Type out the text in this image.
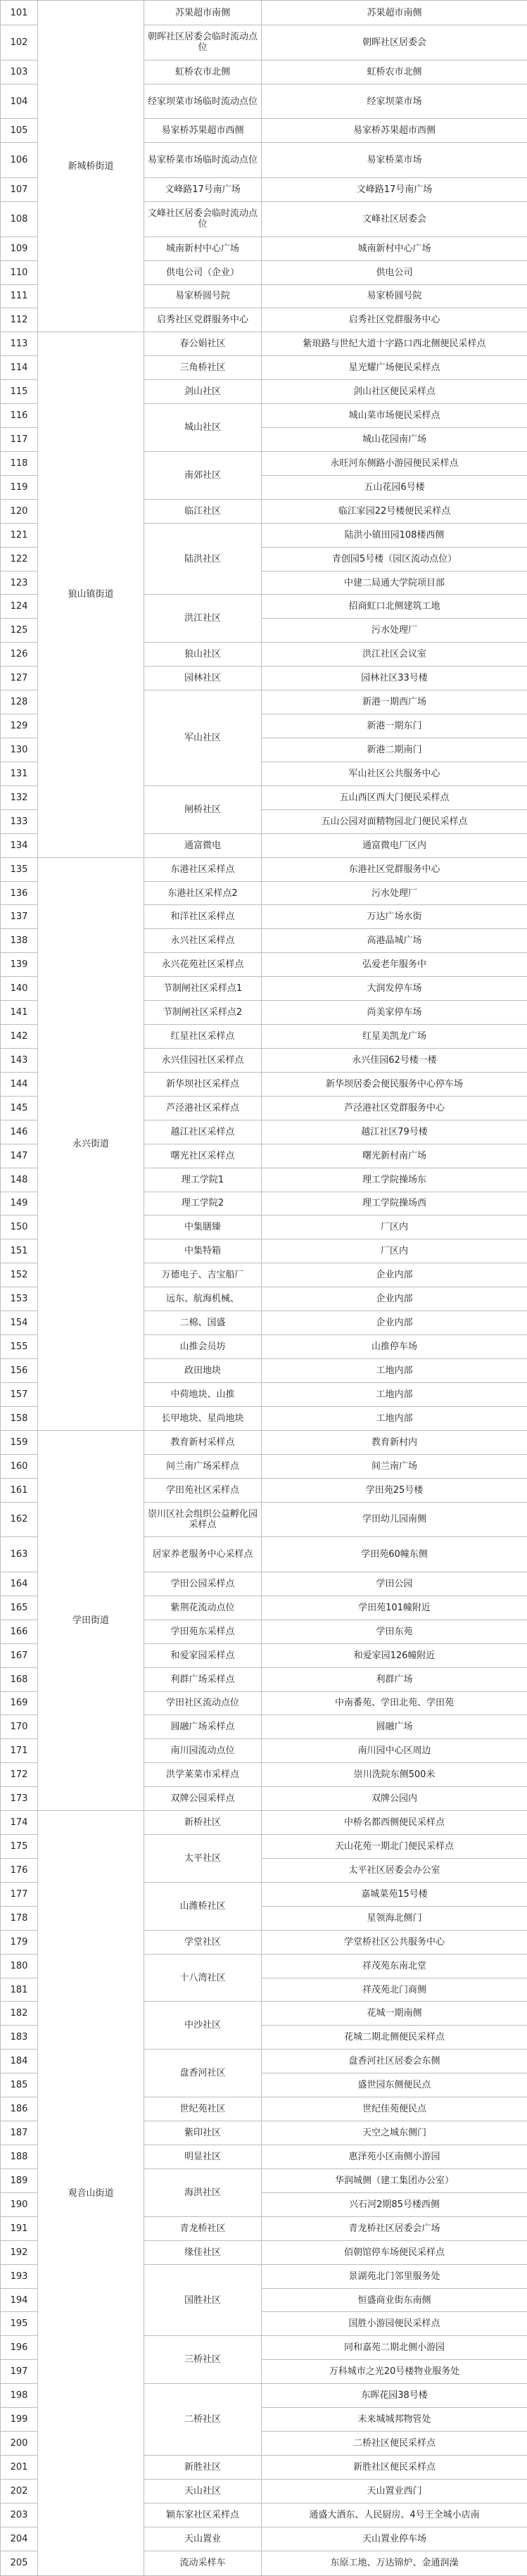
101	新城桥街道	苏果超市南侧	苏果超市南侧
102		朝晖社区居委会临时流动点位	朝晖社区居委会
103		虹桥农市北侧	虹桥农市北侧
104		经家坝菜市场临时流动点位	经家坝菜市场
105		易家桥苏果超市西侧	易家桥苏果超市西侧
106		易家桥菜市场临时流动点位	易家桥菜市场
107		文峰路17号南广场	文峰路17号南广场
108		文峰社区居委会临时流动点位	文峰社区居委会
109		城南新村中心广场	城南新村中心广场
110		供电公司（企业）	供电公司
111		易家桥圆号院	易家桥圆号院
112		启秀社区党群服务中心	启秀社区党群服务中心
113	狼山镇街道	春公娟社区	紫琅路与世纪大道十字路口西北侧便民采样点
114		三角桥社区	星光耀广场便民采样点
115		剑山社区	剑山社区便民采样点
116		城山社区	城山菜市场便民采样点
117			城山花园南广场
118		南郊社区	永旺河东侧路小游园便民采样点
119			五山花园6号楼
120		临江社区	临江家园22号楼便民采样点
121		陆洪社区	陆洪小镇田园108楼西侧
122			青创园5号楼（园区流动点位）
123			中建二局通大学院项目部
124		洪江社区	招商虹口北侧建筑工地
125			污水处理厂
126		狼山社区	洪江社区会议室
127		园林社区	园林社区33号楼
128		军山社区	新港一期西广场
129			新港一期东门
130			新港二期南门
131			军山社区公共服务中心
132		闸桥社区	五山西区西大门便民采样点
133			五山公园对面精物园北门便民采样点
134		通富微电	通富微电厂区内
135	永兴街道	东港社区采样点	东港社区党群服务中心
136		东港社区采样点2	污水处理厂
137		和洋社区采样点	万达广场水街
138		永兴社区采样点	高港晶城广场
139		永兴花苑社区采样点	弘爱老年服务中
140		节制闸社区采样点1	大润发停车场
141		节制闸社区采样点2	尚美家停车场
142		红星社区采样点	红星美凯龙广场
143		永兴佳园社区采样点	永兴佳园62号楼一楼
144		新华坝社区采样点	新华坝居委会便民服务中心停车场
145		芦泾港社区采样点	芦泾港社区党群服务中心
146		越江社区采样点	越江社区79号楼
147		曙光社区采样点	曙光新村南广场
148		理工学院1	理工学院操场东
149		理工学院2	理工学院操场西
150		中集膳臻	厂区内
151		中集特箱	厂区内
152		万德电子、吉宝船厂	企业内部
153		远东、航海机械、	企业内部
154		二棉、国盛	企业内部
155		山推会员坊	山推停车场
156		政田地块	工地内部
157		中荷地块、山推	工地内部
158		长甲地块、星尚地块	工地内部
159	学田街道	教育新村采样点	教育新村内
160		间兰南广场采样点	间兰南广场
161		学田苑社区采样点	学田苑25号楼
162		崇川区社会组织公益孵化园采样点	学田幼儿园南侧
163		居家养老服务中心采样点	学田苑60幢东侧
164		学田公园采样点	学田公园
165		紫荆花流动点位	学田苑101幢附近
166		学田苑东采样点	学田东苑
167		和爱家园采样点	和爱家园126幢附近
168		利群广场采样点	利群广场
169		学田社区流动点位	中南番苑、学田北苑、学田苑
170		圆融广场采样点	圆融广场
171		南川园流动点位	南川园中心区周边
172		洪学莱菜市采样点	崇川洗院东侧500米
173		双牌公园采样点	双牌公园内
174	观音山街道	新桥社区	中桥名都西侧便民采样点
175		太平社区	天山花苑一期北门便民采样点
176			太平社区居委会办公室
177		山潍桥社区	嘉城菜苑15号楼
178			星领海北侧门
179		学堂社区	学堂桥社区公共服务中心
180		十八湾社区	祥茂苑东南北堂
181			祥茂苑北门商侧
182		中沙社区	花城一期南侧
183			花城二期北侧便民采样点
184		盘香河社区	盘香河社区居委会东侧
185			盛世园东侧便民点
186		世纪苑社区	世纪佳苑便民点
187		紫印社区	天空之城东侧门
188		明显社区	惠泽苑小区南侧小游园
189		海洪社区	华润城侧（建工集团办公室）
190			兴石河2期85号楼西侧
191		青龙桥社区	青龙桥社区居委会广场
192		缘佳社区	佰朝馆停车场便民采样点
193		国胜社区	景湖苑北门邻里服务处
194			恒盛商业街东南侧
195			国胜小游园便民采样点
196		三桥社区	同和嘉苑二期北侧小游园
197			万科城市之光20号楼物业服务处
198		二桥社区	东晖花园38号楼
199			未来城城邦物管处
200			二桥社区便民采样点
201		新胜社区	新胜社区便民采样点
202		天山社区	天山置业西门
203		颖东家社区采样点	通盛大酒东、人民厨房、4号王全城小店南
204		天山置业	天山置业停车场
205		流动采样车	东原工地、万达锦炉、金通润澡
